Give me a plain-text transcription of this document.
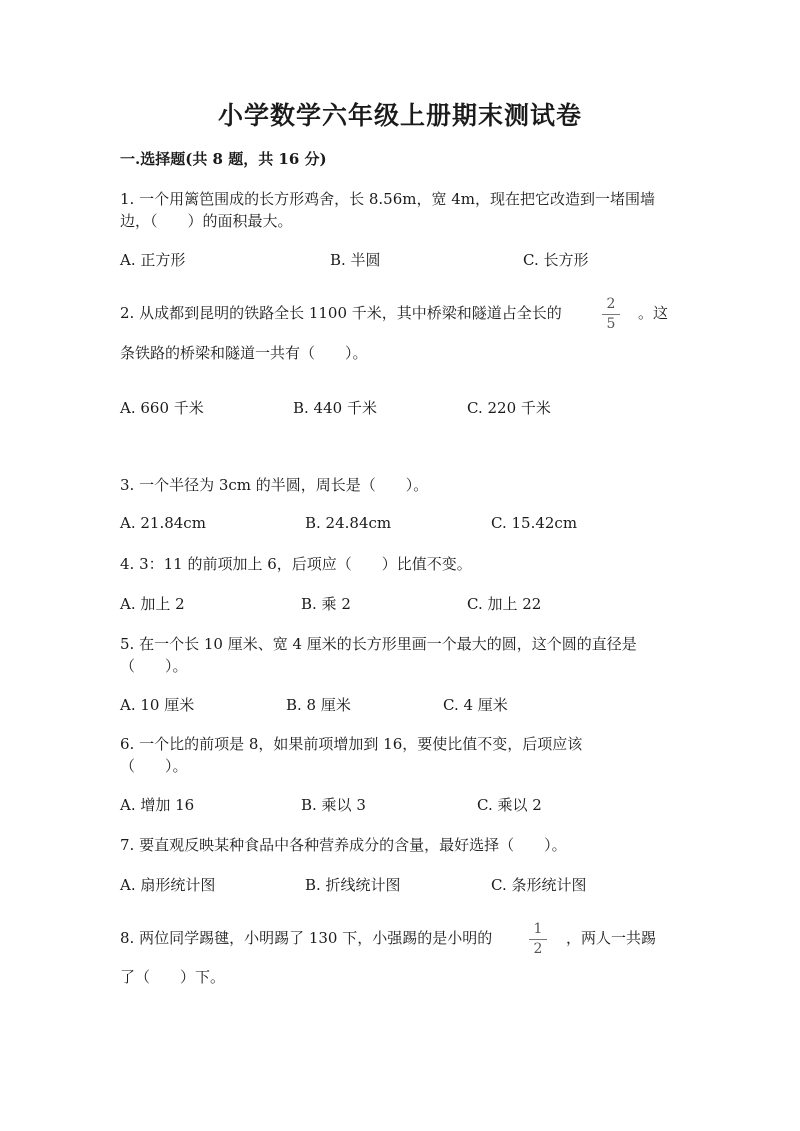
小学数学六年级上册期末测试卷
一.选择题(共 8 题，共 16 分)
1. 一个用篱笆围成的长方形鸡舍，长 8.56m，宽 4m，现在把它改造到一堵围墙
边，（　　）的面积最大。
A. 正方形	B. 半圆	C. 长方形
2. 从成都到昆明的铁路全长 1100 千米，其中桥梁和隧道占全长的	2
5
。这
条铁路的桥梁和隧道一共有（　　）。
A. 660 千米	B. 440 千米	C. 220 千米
3. 一个半径为 3cm 的半圆，周长是（　　）。
A. 21.84cm	B. 24.84cm	C. 15.42cm
4. 3：11 的前项加上 6，后项应（　　）比值不变。
A. 加上 2	B. 乘 2	C. 加上 22
5. 在一个长 10 厘米、宽 4 厘米的长方形里画一个最大的圆，这个圆的直径是
（　　）。
A. 10 厘米	B. 8 厘米	C. 4 厘米
6. 一个比的前项是 8，如果前项增加到 16，要使比值不变，后项应该
（　　）。
A. 增加 16	B. 乘以 3	C. 乘以 2
7. 要直观反映某种食品中各种营养成分的含量，最好选择（　　）。
A. 扇形统计图	B. 折线统计图	C. 条形统计图
8. 两位同学踢毽，小明踢了 130 下，小强踢的是小明的	1
2
，两人一共踢
了（　　）下。
